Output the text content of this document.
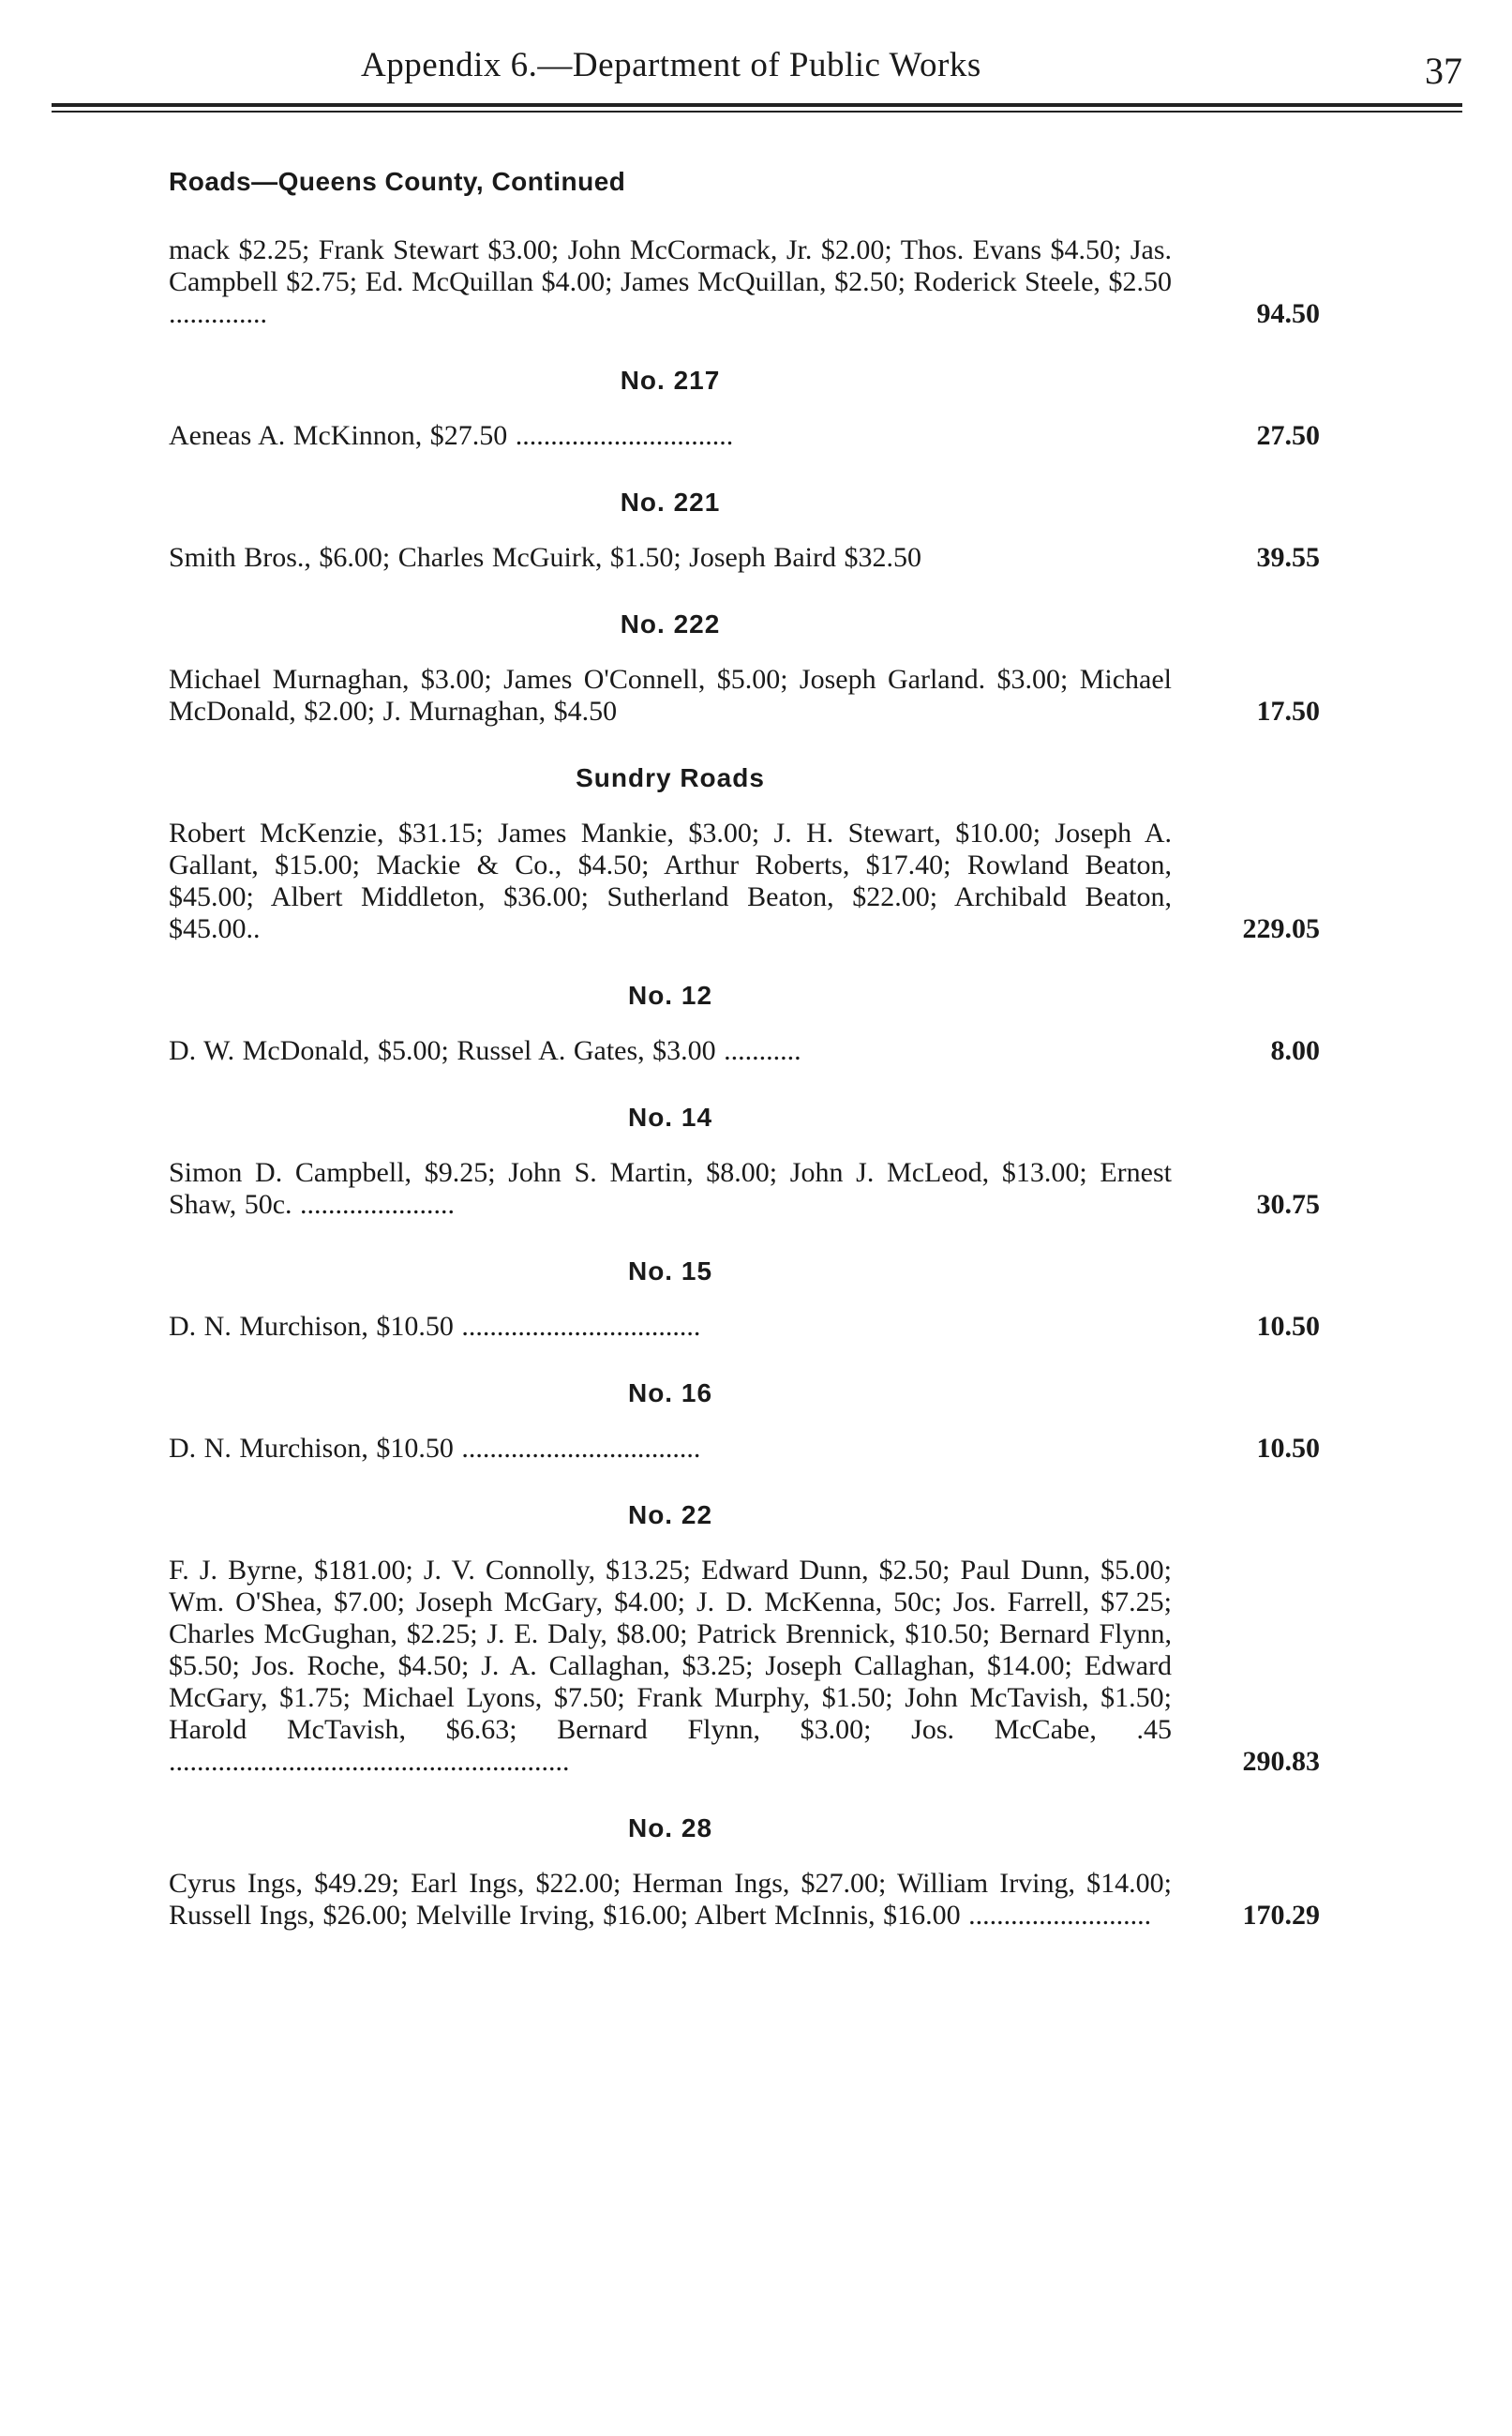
Appendix 6.—Department of Public Works	37
Roads—Queens County, Continued
mack $2.25; Frank Stewart $3.00; John McCormack, Jr. $2.00; Thos. Evans $4.50; Jas. Campbell $2.75; Ed. McQuillan $4.00; James McQuillan, $2.50; Roderick Steele, $2.50 ..............	94.50
No. 217
Aeneas A. McKinnon, $27.50 ...............................	27.50
No. 221
Smith Bros., $6.00; Charles McGuirk, $1.50; Joseph Baird $32.50	39.55
No. 222
Michael Murnaghan, $3.00; James O'Connell, $5.00; Joseph Garland. $3.00; Michael McDonald, $2.00; J. Murnaghan, $4.50	17.50
Sundry Roads
Robert McKenzie, $31.15; James Mankie, $3.00; J. H. Stewart, $10.00; Joseph A. Gallant, $15.00; Mackie & Co., $4.50; Arthur Roberts, $17.40; Rowland Beaton, $45.00; Albert Middleton, $36.00; Sutherland Beaton, $22.00; Archibald Beaton, $45.00..	229.05
No. 12
D. W. McDonald, $5.00; Russel A. Gates, $3.00 ...........	8.00
No. 14
Simon D. Campbell, $9.25; John S. Martin, $8.00; John J. McLeod, $13.00; Ernest Shaw, 50c. ......................	30.75
No. 15
D. N. Murchison, $10.50 ..................................	10.50
No. 16
D. N. Murchison, $10.50 ..................................	10.50
No. 22
F. J. Byrne, $181.00; J. V. Connolly, $13.25; Edward Dunn, $2.50; Paul Dunn, $5.00; Wm. O'Shea, $7.00; Joseph McGary, $4.00; J. D. McKenna, 50c; Jos. Farrell, $7.25; Charles McGughan, $2.25; J. E. Daly, $8.00; Patrick Brennick, $10.50; Bernard Flynn, $5.50; Jos. Roche, $4.50; J. A. Callaghan, $3.25; Joseph Callaghan, $14.00; Edward McGary, $1.75; Michael Lyons, $7.50; Frank Murphy, $1.50; John McTavish, $1.50; Harold McTavish, $6.63; Bernard Flynn, $3.00; Jos. McCabe, .45 .........................................................	290.83
No. 28
Cyrus Ings, $49.29; Earl Ings, $22.00; Herman Ings, $27.00; William Irving, $14.00; Russell Ings, $26.00; Melville Irving, $16.00; Albert McInnis, $16.00 ..........................	170.29
